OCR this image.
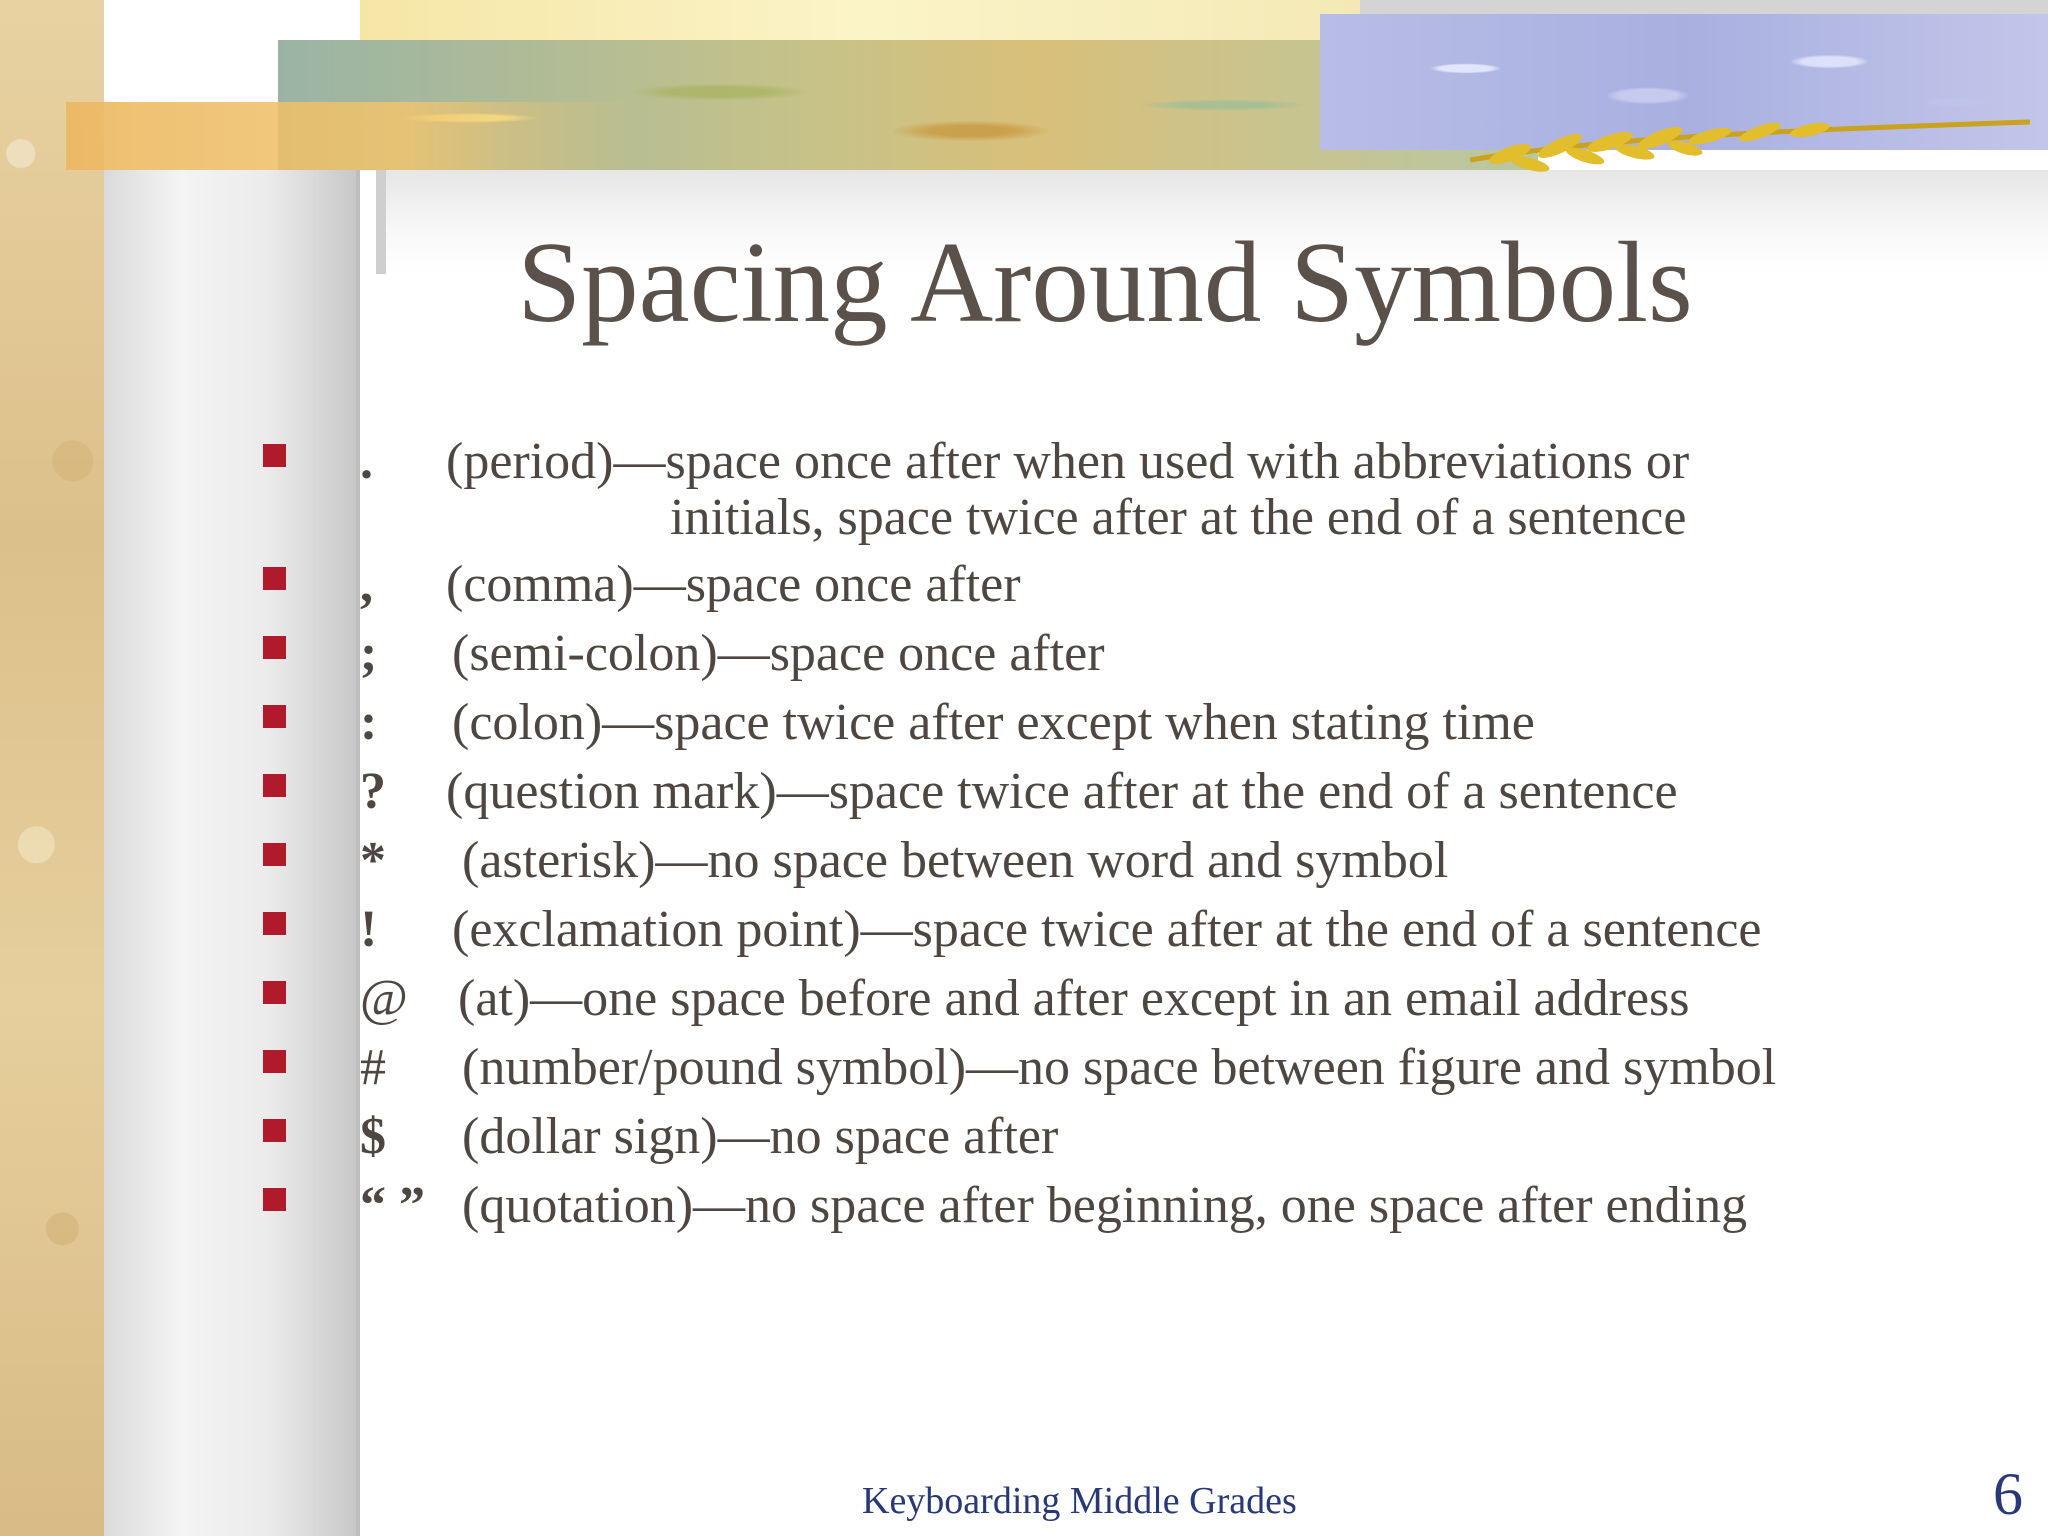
Spacing Around Symbols
. (period)—space once after when used with abbreviations or
initials, space twice after at the end of a sentence
, (comma)—space once after
; (semi-colon)—space once after
: (colon)—space twice after except when stating time
? (question mark)—space twice after at the end of a sentence
* (asterisk)—no space between word and symbol
! (exclamation point)—space twice after at the end of a sentence
@ (at)—one space before and after except in an email address
# (number/pound symbol)—no space between figure and symbol
$ (dollar sign)—no space after
“ ” (quotation)—no space after beginning, one space after ending
Keyboarding Middle Grades	6
